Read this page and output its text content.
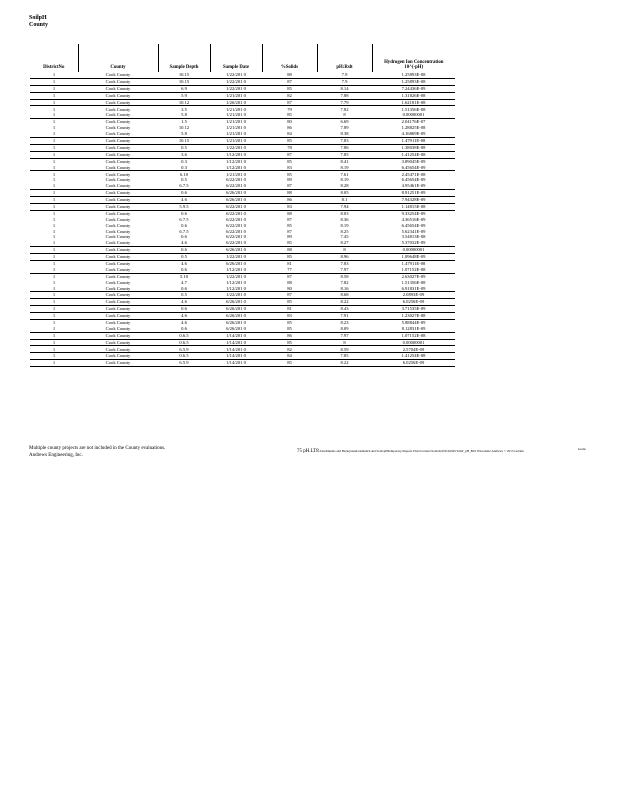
SoilpH
County
DistrictNo	County	Sample Depth	Sample Date	%Solids	pH:Rslt	Hydrogen Ion Concentration
10^(-pH)
1	Cook County	10.15	1/22/201 0	88	7.9	1.25893E-08
1	Cook County	10.15	1/22/201 0	87	7.9	1.25893E-08
1	Cook County	6.9	1/22/201 0	85	8.14	7.24436E-09
1	Cook County	5.9	1/21/201 0	82	7.88	1.31826E-08
1	Cook County	10.12	1/26/201 0	87	7.79	1.62181E-08
1	Cook County	3.5	1/21/201 0	79	7.82	1.51356E-08
1	Cook County	5.8	1/21/201 0	85	8	0.00000001
1	Cook County	1.5	1/21/201 0	80	6.69	2.04176E-07
1	Cook County	10.12	1/21/201 0	86	7.89	1.28825E-08
1	Cook County	5.8	1/21/201 0	84	8.38	4.16869E-09
1	Cook County	10.15	1/21/201 0	85	7.83	1.47911E-08
1	Cook County	0.5	1/22/201 0	78	7.86	1.38038E-08
1	Cook County	3.6	1/12/201 0	87	7.85	1.41254E-08
1	Cook County	0.3	1/12/201 0	85	8.41	3.89045E-09
1	Cook County	0.3	1/12/201 0	83	8.19	6.45654E-09
1	Cook County	6.10	1/21/201 0	85	7.61	2.45471E-08
1	Cook County	0.5	6/22/201 0	89	8.19	6.45654E-09
1	Cook County	6.7.5	6/22/201 0	87	8.28	4.95461E-09
1	Cook County	0.6	6/26/201 0	88	8.05	8.91251E-09
1	Cook County	4.6	6/26/201 0	86	8.1	7.94328E-09
1	Cook County	5.9.5	6/22/201 0	83	7.94	1.14815E-08
1	Cook County	0.6	6/22/201 0	88	8.03	9.33254E-09
1	Cook County	6.7.5	6/22/201 0	87	8.36	4.36516E-09
1	Cook County	0.6	6/22/201 0	85	8.19	6.45654E-09
1	Cook County	6.7.5	6/22/201 0	87	8.25	5.62341E-09
1	Cook County	0.6	6/22/201 0	89	7.45	3.54813E-08
1	Cook County	4.6	6/22/201 0	85	8.27	5.37032E-09
1	Cook County	0.6	6/26/201 0	88	8	0.00000001
1	Cook County	0.5	1/22/201 0	85	8.96	1.09648E-09
1	Cook County	4.6	6/26/201 0	81	7.83	1.47911E-08
1	Cook County	0.6	1/12/201 0	77	7.97	1.07152E-08
1	Cook County	5.10	1/22/201 0	87	8.58	2.63027E-09
1	Cook County	4.7	1/12/201 0	88	7.82	1.51356E-08
1	Cook County	0.6	1/12/201 0	80	8.16	6.91831E-09
1	Cook County	0.5	1/22/201 0	87	8.68	2.0893E-09
1	Cook County	4.6	6/26/201 0	85	8.22	6.0256E-09
1	Cook County	0.6	6/26/201 0	81	8.43	3.71535E-09
1	Cook County	4.6	6/26/201 0	83	7.91	1.23027E-08
1	Cook County	4.6	6/26/201 0	85	8.23	5.88844E-09
1	Cook County	0.6	6/26/201 0	85	8.09	8.12831E-09
1	Cook County	0.6.5	1/14/201 0	86	7.97	1.07152E-08
1	Cook County	0.6.5	1/14/201 0	85	8	0.00000001
1	Cook County	6.5.9	1/14/201 0	82	8.59	2.5704E-09
1	Cook County	0.6.5	1/14/201 0	84	7.85	1.41254E-08
1	Cook County	6.5.9	1/14/201 0	85	8.22	6.0256E-09
Multiple county projects are not included in the County evaluations.
Andrews Engineering, Inc.
75 pH.LT8 Attachments and Background\element\Land Soils\pHTemporary Imports Plots\Corners\Soils\ds\INC0204V\DAT_pH_Bd3 Wisconsin\ Andrews © 2015 Golden	Grade
